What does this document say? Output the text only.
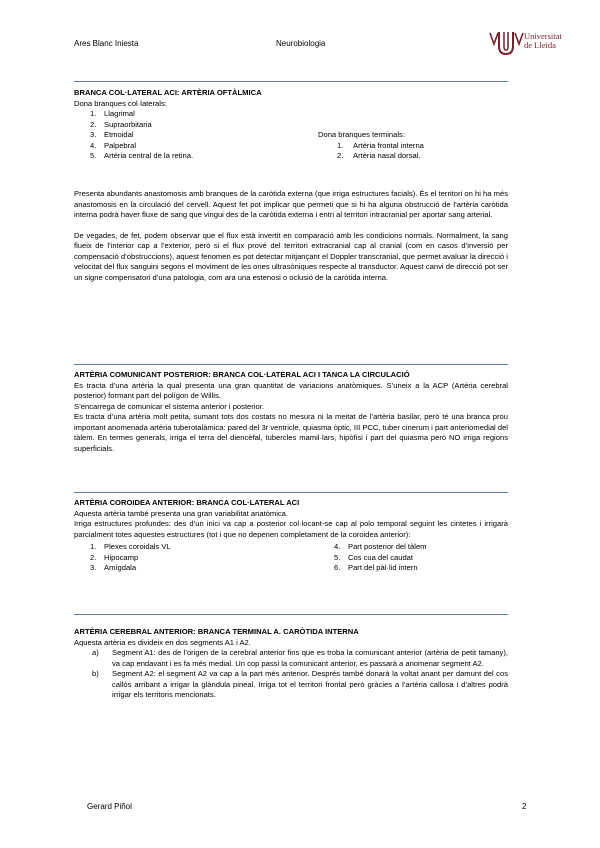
Ares Blanc Iniesta	Neurobiologia
Universitat
de Lleida

BRANCA COL·LATERAL ACI: ARTÈRIA OFTÀLMICA

Dona branques col·laterals:

1. Llagrimal
2. Supraorbitaria
3. Etmoidal
4. Palpebral
5. Artèria central de la retina.

Dona branques terminals:

1. Artèria frontal interna
2. Artèria nasal dorsal.

Presenta abundants anastomosis amb branques de la caròtida externa (que irriga estructures facials). És el territori on hi ha més anastomosis en la circulació del cervell. Aquest fet pot implicar que permeti que si hi ha alguna obstrucció de l’artèria caròtida interna podrà haver fluxe de sang que vingui des de la caròtida externa i entri al territori intracranial per aportar sang arterial.

De vegades, de fet, podem observar que el flux està invertit en comparació amb les condicions normals. Normalment, la sang flueix de l’interior cap a l’exterior, però si el flux prové del territori extracranial cap al cranial (com en casos d’inversió per compensació d’obstruccions), aquest fenomen es pot detectar mitjançant el Doppler transcranial, que permet avaluar la direcció i velocitat del flux sanguini segons el moviment de les ones ultrasòniques respecte al transductor. Aquest canvi de direcció pot ser un signe compensatori d’una patologia, com ara una estenosi o oclusió de la caròtida interna.

ARTÈRIA COMUNICANT POSTERIOR: BRANCA COL·LATERAL ACI I TANCA LA CIRCULACIÓ

Es tracta d’una artèria la qual presenta una gran quantitat de variacions anatòmiques. S’uneix a la ACP (Artèria cerebral posterior) formant part del polígon de Willis.

S’encarrega de comunicar el sistema anterior i posterior.

Es tracta d’una artèria molt petita, sumant tots dos costats no mesura ni la meitat de l’artèria basilar, però té una branca prou important anomenada artèria tuberotalàmica: pared del 3r ventricle, quiasma òptic, III PCC, tuber cinerum i part anteriomedial del tàlem. En termes generals, irriga el terra del diencèfal, tubercles mamil·lars, hipòfisi i part del quiasma però NO irriga regions superficials.

ARTÈRIA COROIDEA ANTERIOR: BRANCA COL·LATERAL ACI

Aquesta artèria també presenta una gran variabilitat anatòmica.

Irriga estructures profundes: des d’un inici va cap a posterior col·locant-se cap al polo temporal seguint les cintetes i irrigarà parcialment totes aquestes estructures (tot i que no depenen completament de la coroidea anterior):

1. Plexes coroidals VL
2. Hipocamp
3. Amígdala
4. Part posterior del tàlem
5. Cos cua del caudat
6. Part del pàl·lid intern

ARTÈRIA CEREBRAL ANTERIOR: BRANCA TERMINAL A. CARÒTIDA INTERNA

Aquesta artèria es divideix en dos segments A1 i A2.

a) Segment A1: des de l’origen de la cerebral anterior fins que es troba la comunicant anterior (artèria de petit tamany), va cap endavant i es fa més medial. Un cop passi la comunicant anterior, es passarà a anomenar segment A2.
b) Segment A2: el segment A2 va cap a la part més anterior. Després també donarà la voltat anant per damunt del cos callós arribant a irrigar la glàndula pineal. Irriga tot el territori frontal però gràcies a l’artèria callosa i d’altres podrà irrigar els territoris mencionats.
Gerard Piñol	2
